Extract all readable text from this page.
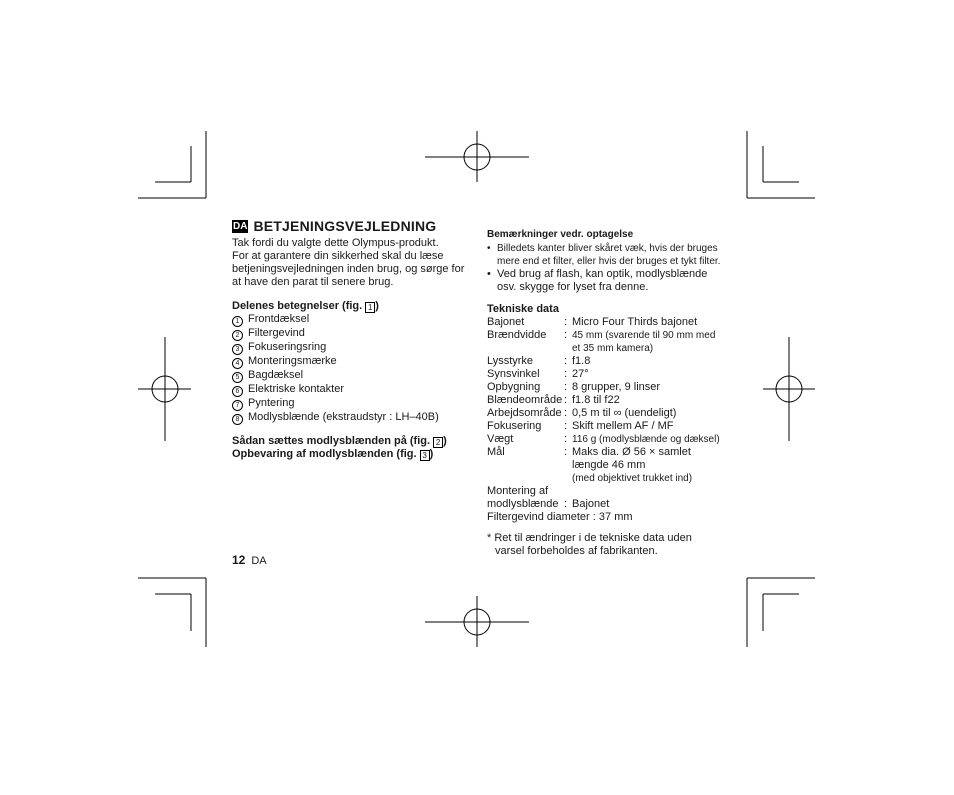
DA BETJENINGSVEJLEDNING

Tak fordi du valgte dette Olympus-produkt.

For at garantere din sikkerhed skal du læse

betjeningsvejledningen inden brug, og sørge for

at have den parat til senere brug.

Delenes betegnelser (fig. 1 )
1 Frontdæksel
2 Filtergevind
3 Fokuseringsring
4 Monteringsmærke
5 Bagdæksel
6 Elektriske kontakter
7 Pyntering
8 Modlysblænde (ekstraudstyr : LH–40B)
Sådan sættes modlysblænden på (fig. 2 )
Opbevaring af modlysblænden (fig. 3 )
12 DA
Bemærkninger vedr. optagelse
• Billedets kanter bliver skåret væk, hvis der bruges
mere end et filter, eller hvis der bruges et tykt filter.
• Ved brug af flash, kan optik, modlysblænde
osv. skygge for lyset fra denne.
Tekniske data
Bajonet	: Micro Four Thirds bajonet
Brændvidde	: 45 mm (svarende til 90 mm med
et 35 mm kamera)
Lysstyrke	: f1.8
Synsvinkel	: 27°
Opbygning	: 8 grupper, 9 linser
Blændeområde : f1.8 til f22
Arbejdsområde : 0,5 m til ∞ (uendeligt)
Fokusering	: Skift mellem AF / MF
Vægt	: 116 g (modlysblænde og dæksel)
Mål	: Maks dia. Ø 56 × samlet
længde 46 mm
(med objektivet trukket ind)
Montering af
modlysblænde : Bajonet
Filtergevind diameter : 37 mm
* Ret til ændringer i de tekniske data uden
varsel forbeholdes af fabrikanten.
